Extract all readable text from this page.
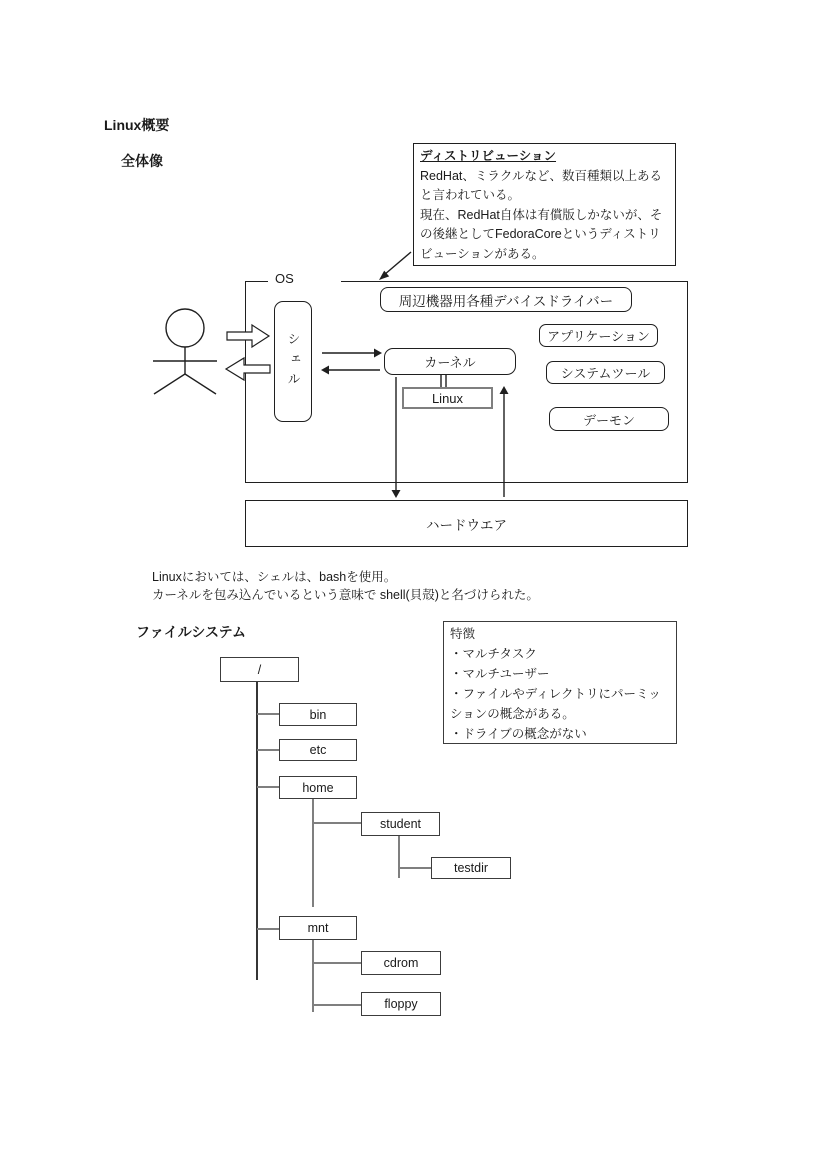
Linux概要
全体像	ディストリビューション
RedHat、ミラクルなど、数百種類以上あると言われている。
現在、RedHat自体は有償版しかないが、その後継としてFedoraCoreというディストリビューションがある。
ハードウエア
OS
シェル
周辺機器用各種デバイスドライバー
アプリケーション
カーネル
システムツール
Linux
デーモン
Linuxにおいては、シェルは、bashを使用。
カーネルを包み込んでいるという意味で shell(貝殻)と名づけられた。
ファイルシステム	特徴
・マルチタスク
・マルチユーザー
・ファイルやディレクトリにパーミッションの概念がある。
・ドライブの概念がない
/
bin
etc
home
student
testdir
mnt
cdrom
floppy
